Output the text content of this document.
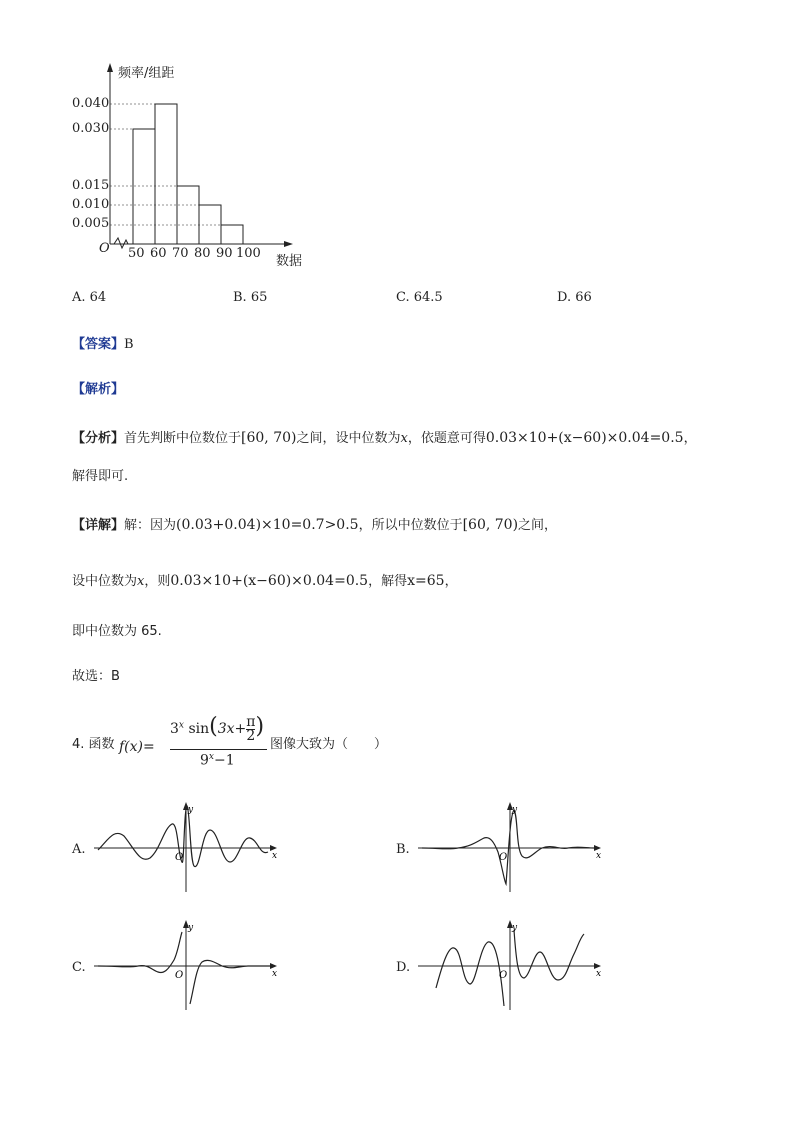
频率/组距
数据
O
0.040
0.030
0.015
0.010
0.005
50 60 70 80 90 100
A. 64	B. 65	C. 64.5	D. 66
【答案】B
【解析】
【分析】首先判断中位数位于[60, 70)之间，设中位数为x，依题意可得0.03×10+(x−60)×0.04=0.5，
解得即可.
【详解】解：因为(0.03+0.04)×10=0.7>0.5，所以中位数位于[60, 70)之间，
设中位数为x，则0.03×10+(x−60)×0.04=0.5，解得x=65，
即中位数为 65.
故选：B
4. 函数 f(x)=
$3^x$ $\sin(3x+ \frac{\pi}{2}$ )
$9^x-1$
图像大致为（　　）
A.	B.
C.	D.
y
x
O
y
x
O
y
x
O
y
x
O
